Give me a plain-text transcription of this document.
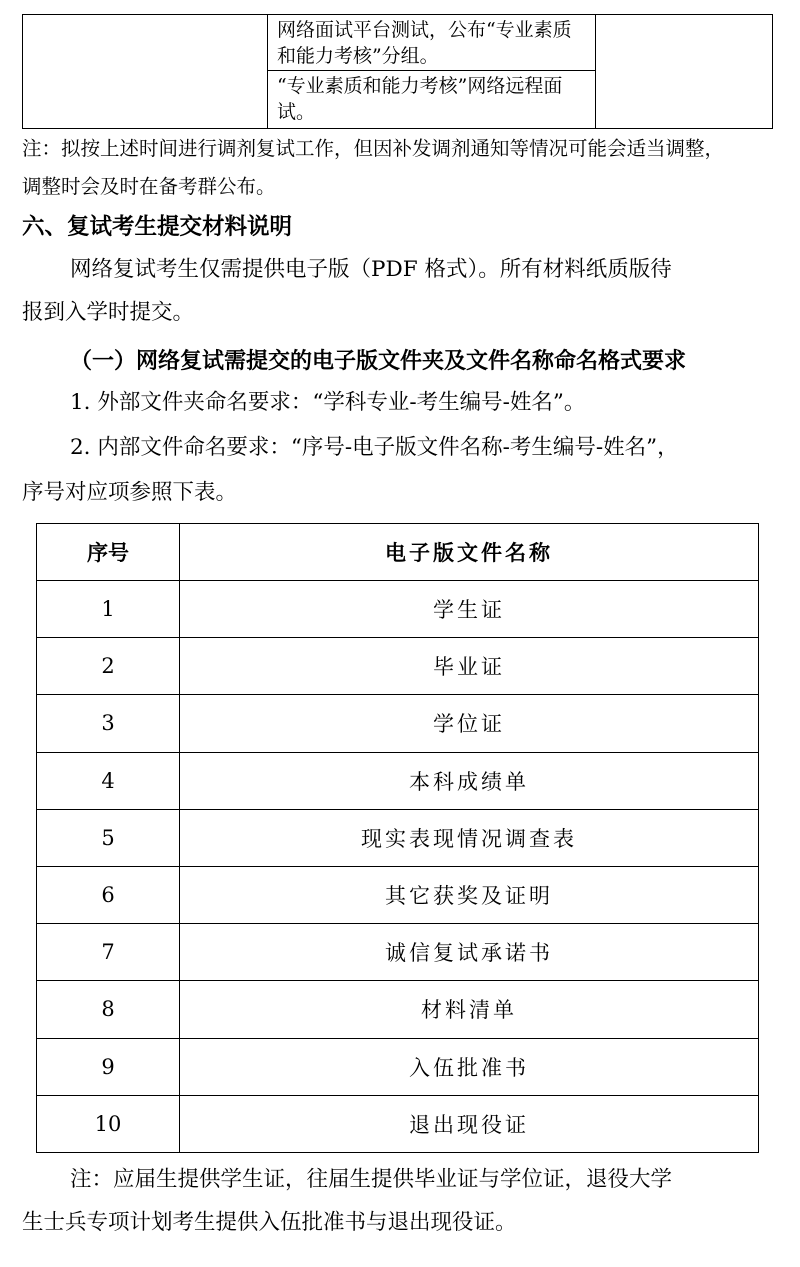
网络面试平台测试，公布“专业素质和能力考核”分组。

“专业素质和能力考核”网络远程面试。
注：拟按上述时间进行调剂复试工作，但因补发调剂通知等情况可能会适当调整，
调整时会及时在备考群公布。
六、复试考生提交材料说明
网络复试考生仅需提供电子版（PDF 格式）。所有材料纸质版待
报到入学时提交。
（一）网络复试需提交的电子版文件夹及文件名称命名格式要求
1. 外部文件夹命名要求：“学科专业-考生编号-姓名”。
2. 内部文件命名要求：“序号-电子版文件名称-考生编号-姓名”，
序号对应项参照下表。
序号	电子版文件名称
1	学生证
2	毕业证
3	学位证
4	本科成绩单
5	现实表现情况调查表
6	其它获奖及证明
7	诚信复试承诺书
8	材料清单
9	入伍批准书
10	退出现役证
注：应届生提供学生证，往届生提供毕业证与学位证，退役大学
生士兵专项计划考生提供入伍批准书与退出现役证。
